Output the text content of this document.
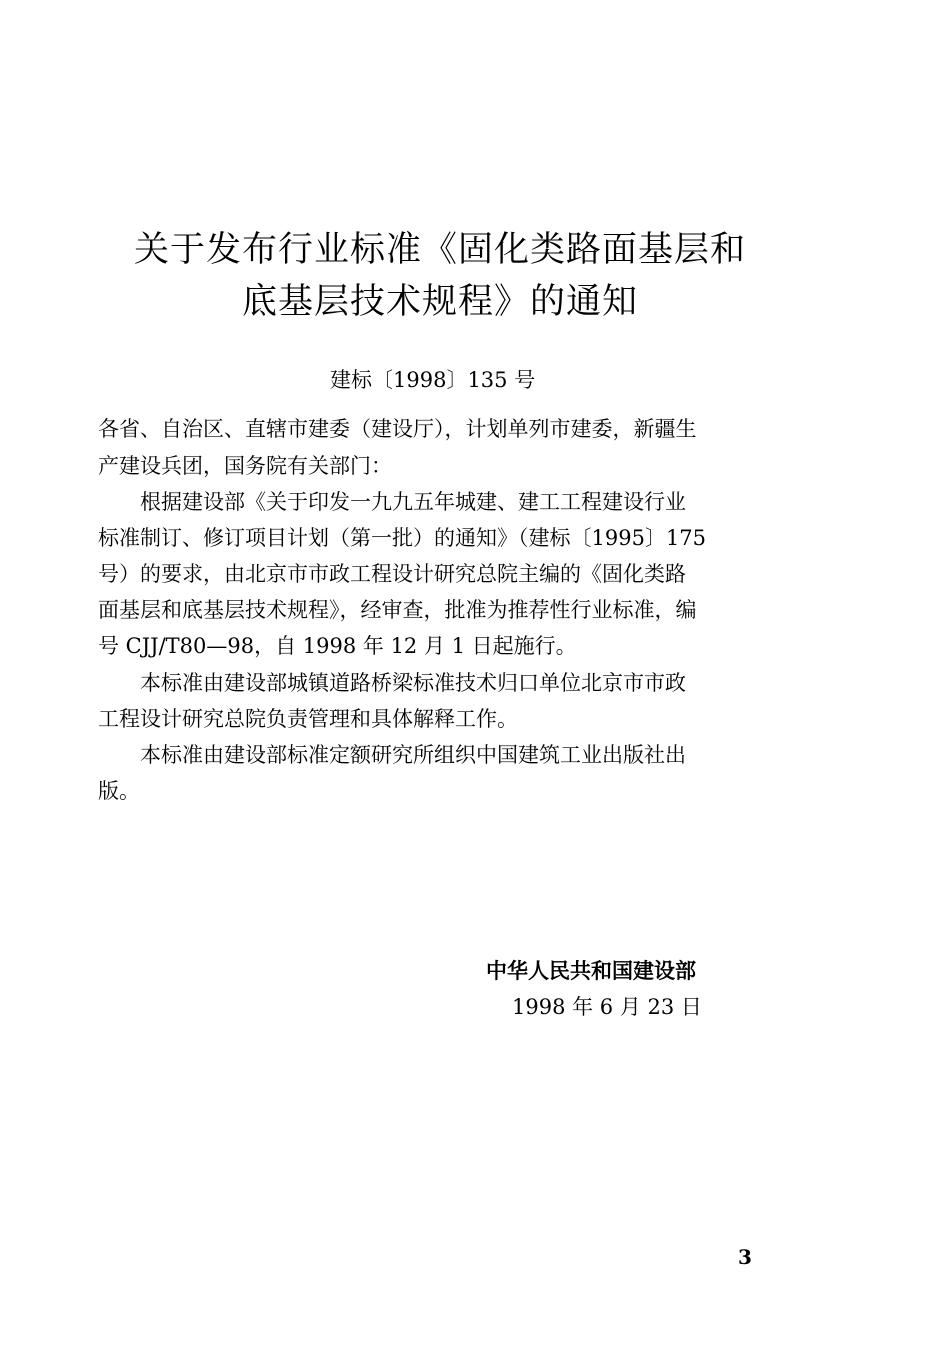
关于发布行业标准《固化类路面基层和
底基层技术规程》的通知
建标〔1998〕135 号
各省、自治区、直辖市建委（建设厅），计划单列市建委，新疆生
产建设兵团，国务院有关部门：
　　根据建设部《关于印发一九九五年城建、建工工程建设行业
标准制订、修订项目计划（第一批）的通知》（建标〔1995〕175
号）的要求，由北京市市政工程设计研究总院主编的《固化类路
面基层和底基层技术规程》，经审查，批准为推荐性行业标准，编
号 CJJ/T80—98，自 1998 年 12 月 1 日起施行。
　　本标准由建设部城镇道路桥梁标准技术归口单位北京市市政
工程设计研究总院负责管理和具体解释工作。
　　本标准由建设部标准定额研究所组织中国建筑工业出版社出
版。
中华人民共和国建设部
1998 年 6 月 23 日
3
